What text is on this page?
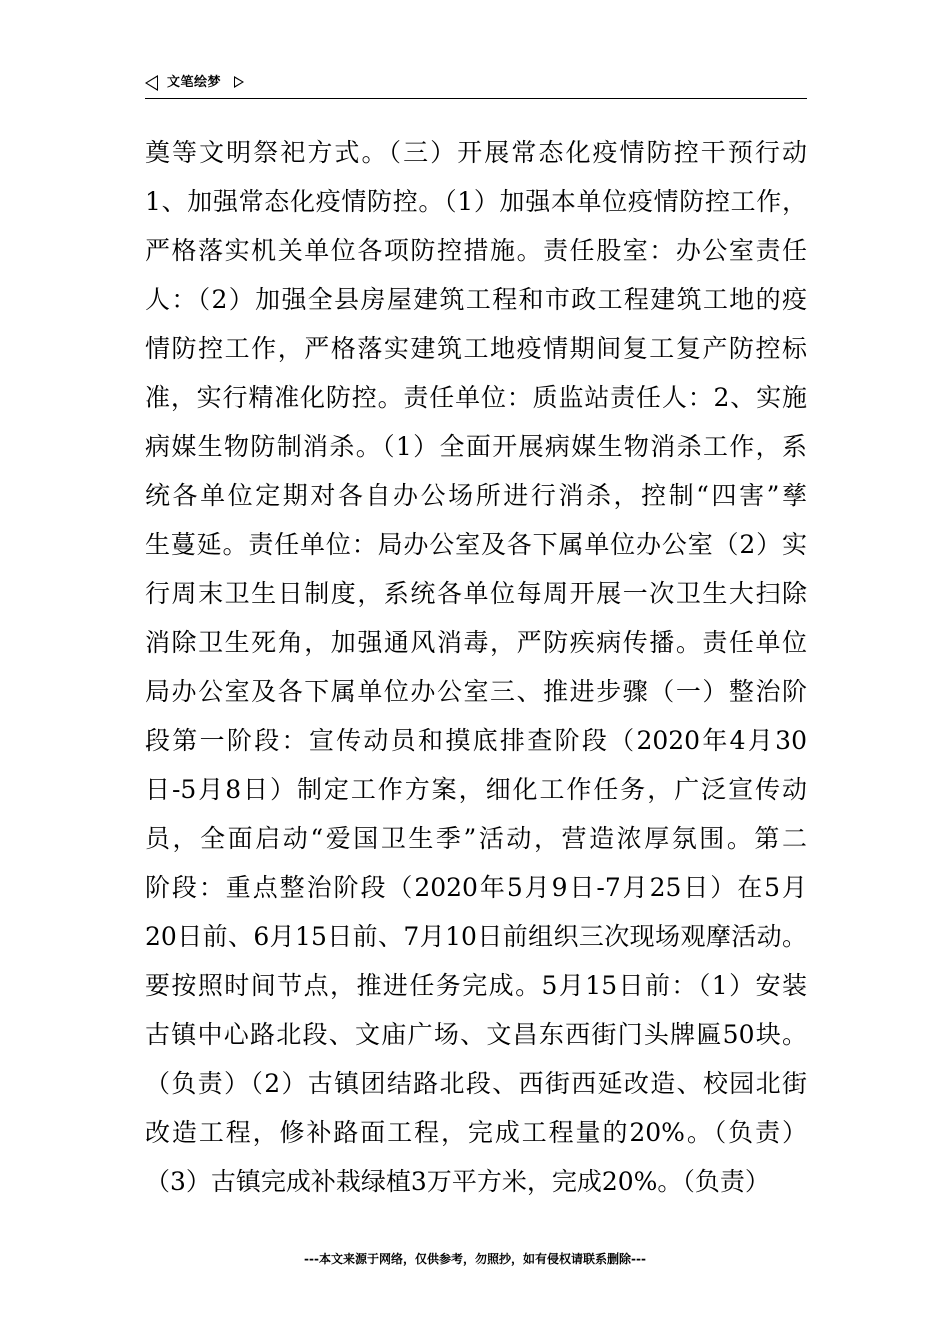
文笔绘梦
奠等文明祭祀方式。（三）开展常态化疫情防控干预行动
1、加强常态化疫情防控。（1）加强本单位疫情防控工作，
严格落实机关单位各项防控措施。责任股室：办公室责任
人：（2）加强全县房屋建筑工程和市政工程建筑工地的疫
情防控工作，严格落实建筑工地疫情期间复工复产防控标
准，实行精准化防控。责任单位：质监站责任人：2、实施
病媒生物防制消杀。（1）全面开展病媒生物消杀工作，系
统各单位定期对各自办公场所进行消杀，控制“四害”孳
生蔓延。责任单位：局办公室及各下属单位办公室（2）实
行周末卫生日制度，系统各单位每周开展一次卫生大扫除
消除卫生死角，加强通风消毒，严防疾病传播。责任单位
局办公室及各下属单位办公室三、推进步骤（一）整治阶
段第一阶段：宣传动员和摸底排查阶段（2020年4月30
日-5月8日）制定工作方案，细化工作任务，广泛宣传动
员，全面启动“爱国卫生季”活动，营造浓厚氛围。第二
阶段：重点整治阶段（2020年5月9日-7月25日）在5月
20日前、6月15日前、7月10日前组织三次现场观摩活动。
要按照时间节点，推进任务完成。5月15日前：（1）安装
古镇中心路北段、文庙广场、文昌东西街门头牌匾50块。
（负责）（2）古镇团结路北段、西街西延改造、校园北街
改造工程，修补路面工程，完成工程量的20%。（负责）
（3）古镇完成补栽绿植3万平方米，完成20%。（负责）
---本文来源于网络，仅供参考，勿照抄，如有侵权请联系删除---
